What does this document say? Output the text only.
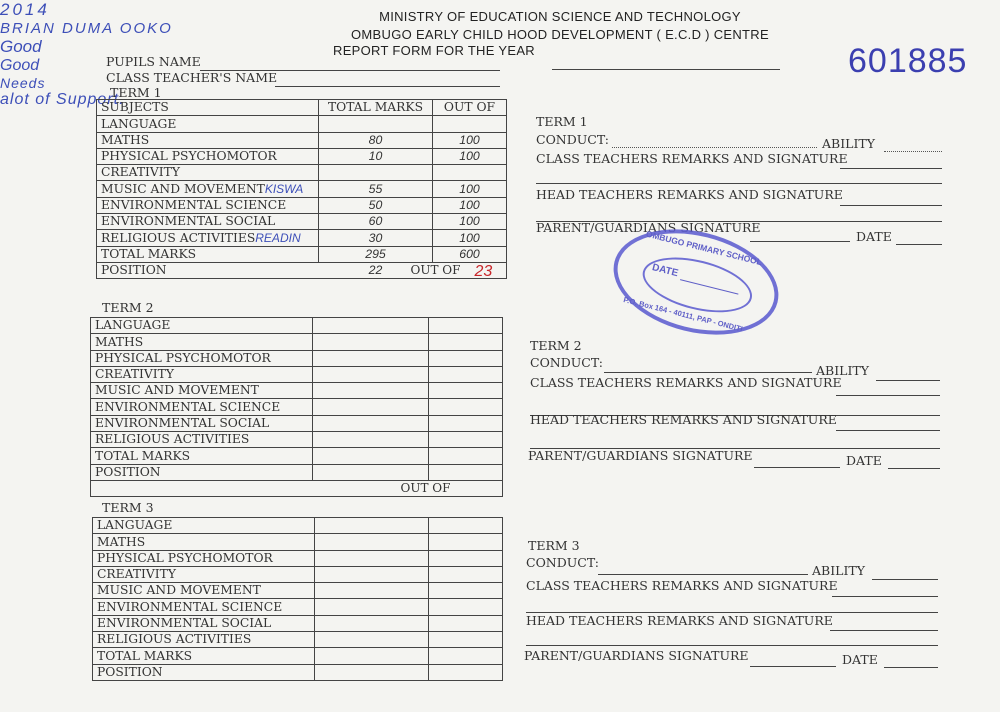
MINISTRY OF EDUCATION SCIENCE AND TECHNOLOGY
OMBUGO EARLY CHILD HOOD DEVELOPMENT ( E.C.D ) CENTRE
REPORT FORM FOR THE YEAR
2014
601885
PUPILS NAME
BRIAN DUMA OOKO
CLASS TEACHER'S NAME
TERM 1
SUBJECTS	TOTAL MARKS	OUT OF
LANGUAGE		
MATHS	80	100
PHYSICAL PSYCHOMOTOR	10	100
CREATIVITY		
MUSIC AND MOVEMENTKISWA	55	100
ENVIRONMENTAL SCIENCE	50	100
ENVIRONMENTAL SOCIAL	60	100
RELIGIOUS ACTIVITIESREADIN	30	100
TOTAL MARKS	295	600
POSITION	22	OUT OF 23
TERM 2
LANGUAGE		
MATHS		
PHYSICAL PSYCHOMOTOR		
CREATIVITY		
MUSIC AND MOVEMENT		
ENVIRONMENTAL SCIENCE		
ENVIRONMENTAL SOCIAL		
RELIGIOUS ACTIVITIES		
TOTAL MARKS		
POSITION		

	OUT OF	

TERM 3
LANGUAGE		
MATHS		
PHYSICAL PSYCHOMOTOR		
CREATIVITY		
MUSIC AND MOVEMENT		
ENVIRONMENTAL SCIENCE		
ENVIRONMENTAL SOCIAL		
RELIGIOUS ACTIVITIES		
TOTAL MARKS		
POSITION		
TERM 1
CONDUCT:
Good
ABILITY
Good
CLASS TEACHERS REMARKS AND SIGNATURE
Needs
alot of Support.
HEAD TEACHERS REMARKS AND SIGNATURE
PARENT/GUARDIANS SIGNATURE
DATE
OMBUGO PRIMARY SCHOOL
DATE
P.O. Box 164 - 40111, PAP - ONDITI
TERM 2
CONDUCT:
ABILITY
CLASS TEACHERS REMARKS AND SIGNATURE
HEAD TEACHERS REMARKS AND SIGNATURE
PARENT/GUARDIANS SIGNATURE	DATE
TERM 3
CONDUCT:
ABILITY
CLASS TEACHERS REMARKS AND SIGNATURE
HEAD TEACHERS REMARKS AND SIGNATURE
PARENT/GUARDIANS SIGNATURE	DATE
